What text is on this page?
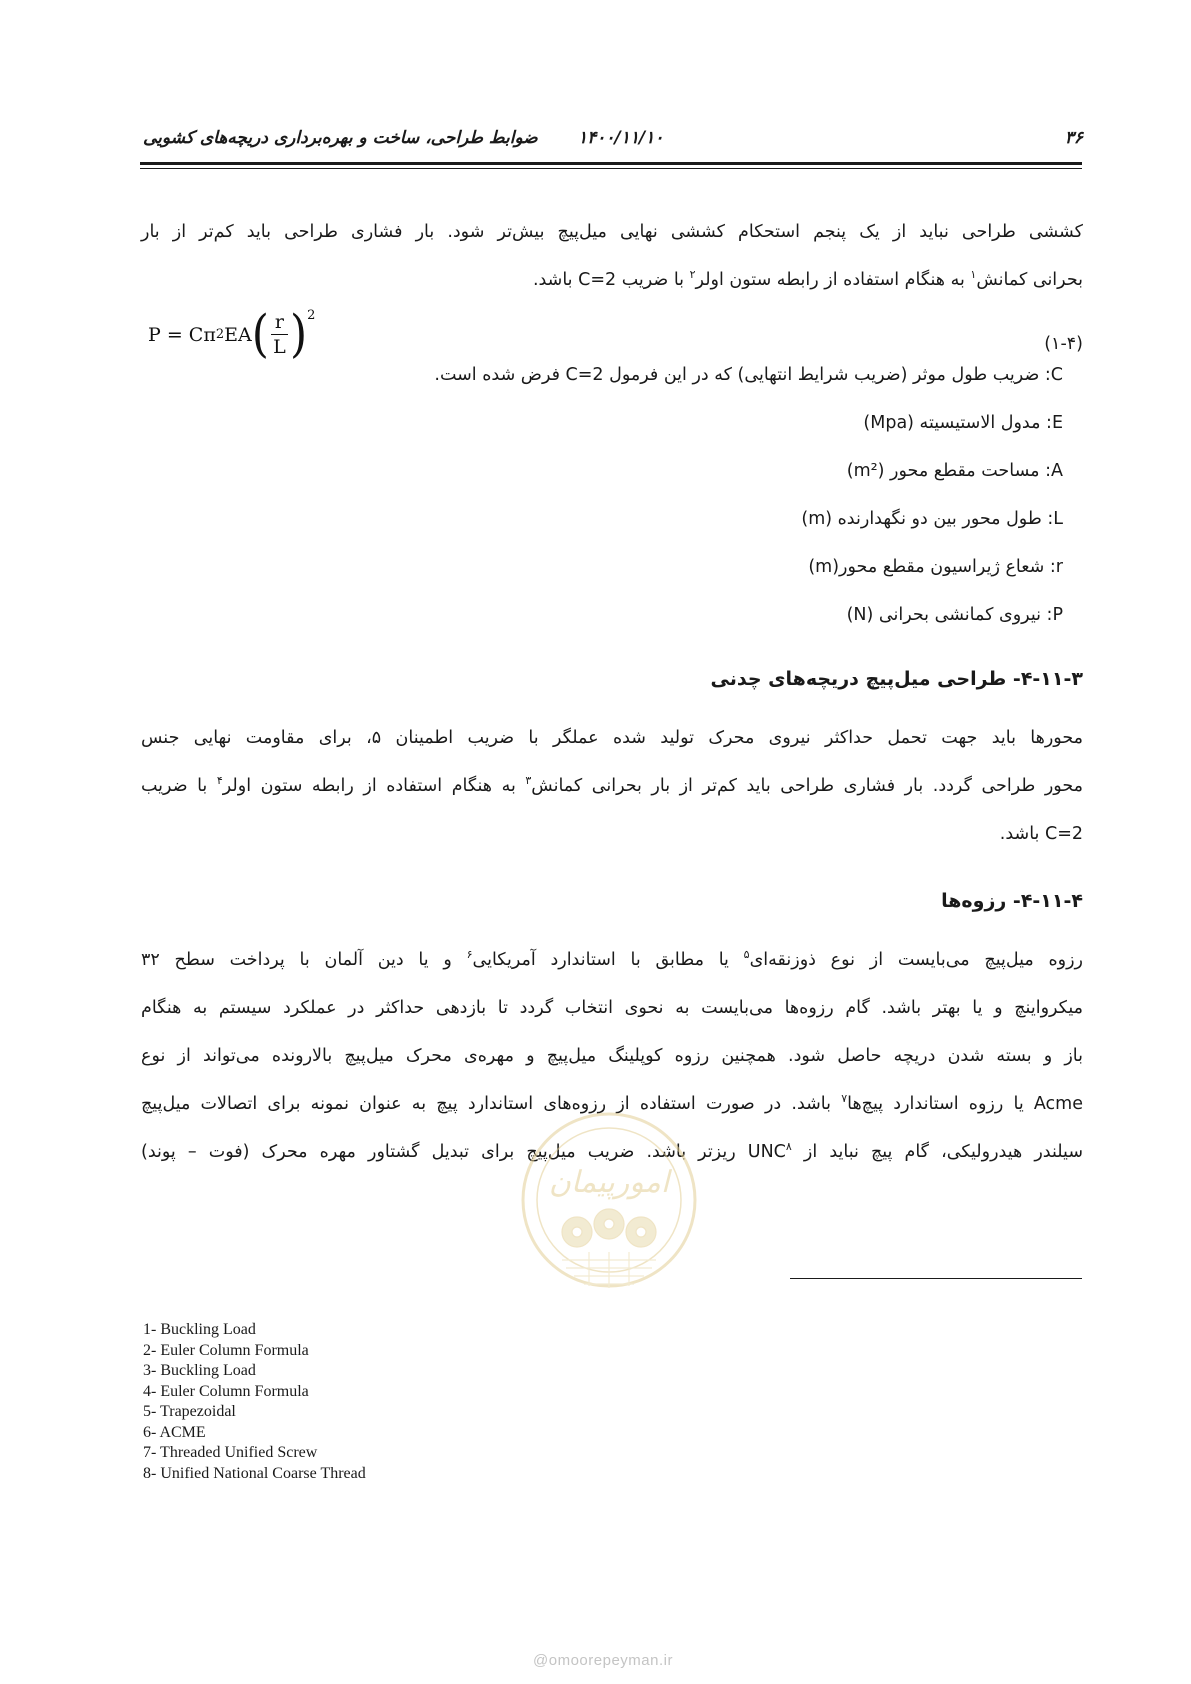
۳۶
۱۴۰۰/۱۱/۱۰
ضوابط طراحی، ساخت و بهره‌برداری دریچه‌های کشویی
کششی طراحی نباید از یک پنجم استحکام کششی نهایی میل‌پیچ بیش‌تر شود. بار فشاری طراحی باید کم‌تر از بار
بحرانی کمانش$^۱$ به هنگام استفاده از رابطه ستون اولر$^۲$ با ضریب C=2 باشد.
P = Cπ 2 EA ( $\frac{r}{L}$ ) 2
(۱-۴)
C: ضریب طول موثر (ضریب شرایط انتهایی) که در این فرمول C=2 فرض شده است.
E: مدول الاستیسیته (Mpa)
A: مساحت مقطع محور (m²)
L: طول محور بین دو نگهدارنده (m)
r: شعاع ژیراسیون مقطع محور(m)
P: نیروی کمانشی بحرانی (N)
۴-۱۱-۳- طراحی میل‌پیچ دریچه‌های چدنی
محورها باید جهت تحمل حداکثر نیروی محرک تولید شده عملگر با ضریب اطمینان ۵، برای مقاومت نهایی جنس
محور طراحی گردد. بار فشاری طراحی باید کم‌تر از بار بحرانی کمانش$^۳$ به هنگام استفاده از رابطه ستون اولر$^۴$ با ضریب
C=2 باشد.
۴-۱۱-۴- رزوه‌ها
رزوه میل‌پیچ می‌بایست از نوع ذوزنقه‌ای$^۵$ یا مطابق با استاندارد آمریکایی$^۶$ و یا دین آلمان با پرداخت سطح ۳۲
میکرواینچ و یا بهتر باشد. گام رزوه‌ها می‌بایست به نحوی انتخاب گردد تا بازدهی حداکثر در عملکرد سیستم به هنگام
باز و بسته شدن دریچه حاصل شود. همچنین رزوه کوپلینگ میل‌پیچ و مهره‌ی محرک میل‌پیچ بالارونده می‌تواند از نوع
Acme یا رزوه استاندارد پیچ‌ها$^۷$ باشد. در صورت استفاده از رزوه‌های استاندارد پیچ به عنوان نمونه برای اتصالات میل‌پیچ
سیلندر هیدرولیکی، گام پیچ نباید از UNC$^۸$ ریزتر باشد. ضریب میل‌پیچ برای تبدیل گشتاور مهره محرک (فوت – پوند)
1- Buckling Load
2- Euler Column Formula
3- Buckling Load
4- Euler Column Formula
5- Trapezoidal
6- ACME
7- Threaded Unified Screw
8- Unified National Coarse Thread
امورپیمان
@omoorepeyman.ir
